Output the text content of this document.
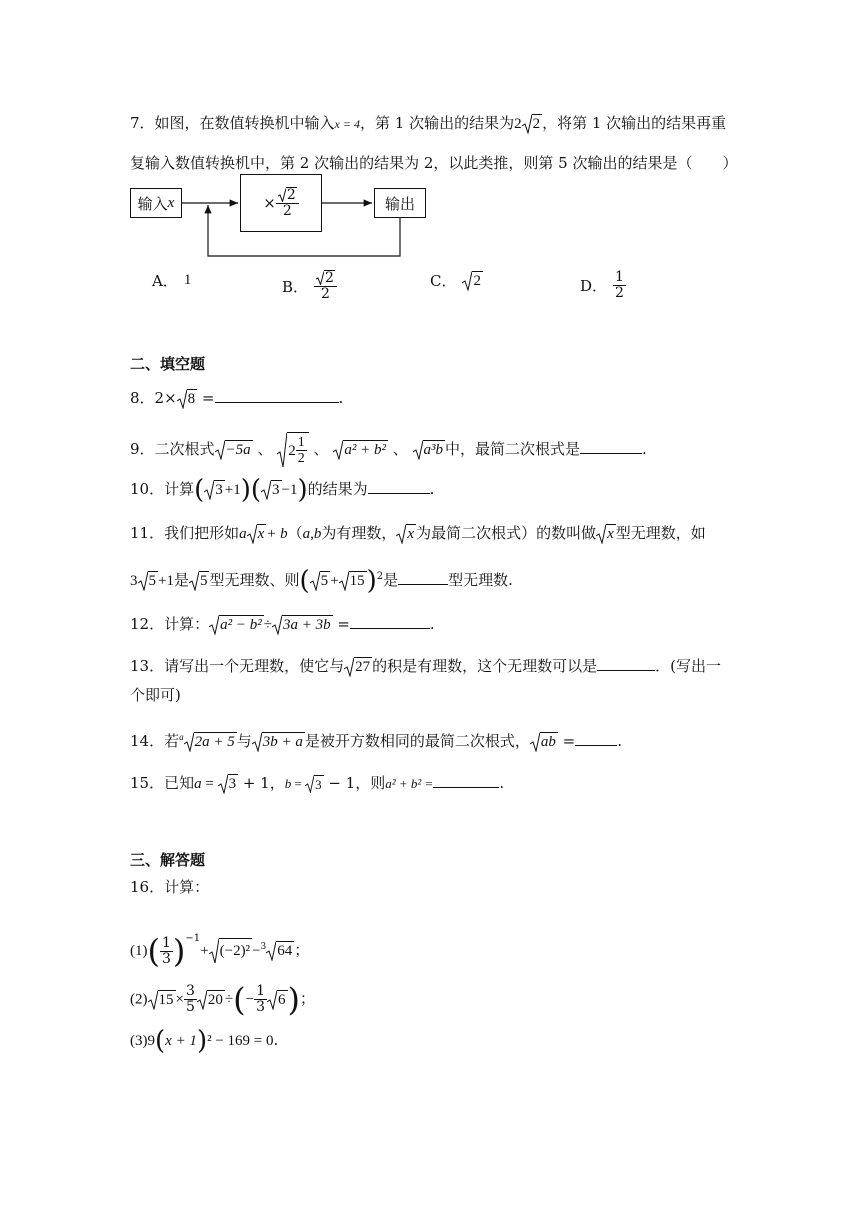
7．如图，在数值转换机中输入x = 4，第 1 次输出的结果为2 2 ，将第 1 次输出的结果再重
复输入数值转换机中，第 2 次输出的结果为 2，以此类推，则第 5 次输出的结果是（　　）
输入 x	× $\frac{2}{2}$	输出
A． 1	B． $\frac{2}{2}$	C． 2	D． $\frac{1}{2}$
二、填空题
8．2× 8 =	.
9．二次根式 −5a 、 $2 \frac{1}{2}$ 、 a² + b² 、 a³b 中，最简二次根式是	.
10．计算( 3 +1)( 3 −1)的结果为	.
11．我们把形如a x + b（a,b为有理数， x 为最简二次根式）的数叫做 x 型无理数，如
3 5 +1是 5 型无理数、则( 5 + 15 )$^2$是	型无理数.
12．计算： a² − b² ÷ 3a + 3b =	.
13．请写出一个无理数，使它与 27 的积是有理数，这个无理数可以是	．(写出一
个即可)
14．若$^a$ 2a + 5 与 3b + a 是被开方数相同的最简二次根式， ab =	.
15．已知a = 3 + 1，b = 3 − 1，则a² + b² =	.
三、解答题
16．计算：
$(1)( \frac{1}{3} )^{-1}+ (-2)^2 -^3$ 64 ；
(2) $15 \times \frac{3}{5} 20$ ÷(− $\frac{1}{3} 6$ )；
(3)9(x + 1)² − 169 = 0.
